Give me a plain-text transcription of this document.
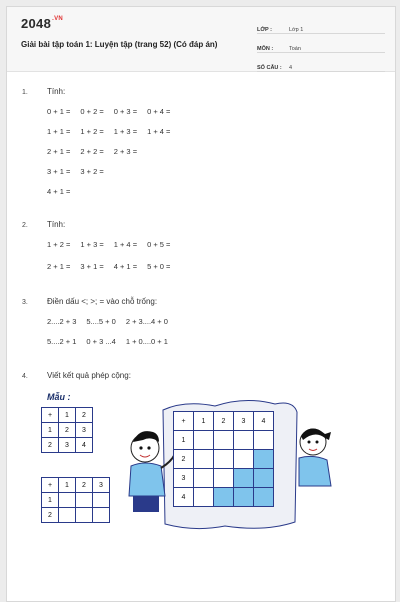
$2048^{.VN}$
Giải bài tập toán 1: Luyện tập (trang 52) (Có đáp án)
LỚP :	Lớp 1
MÔN :	Toán
SỐ CÂU :	4
1. Tính:
0 + 1 = 0 + 2 = 0 + 3 = 0 + 4 =
1 + 1 = 1 + 2 = 1 + 3 = 1 + 4 =
2 + 1 = 2 + 2 = 2 + 3 =
3 + 1 = 3 + 2 =
4 + 1 =
2. Tính:
1 + 2 = 1 + 3 = 1 + 4 = 0 + 5 =
2 + 1 = 3 + 1 = 4 + 1 = 5 + 0 =
3. Điền dấu <; >; = vào chỗ trống:
2....2 + 3 5....5 + 0 2 + 3....4 + 0
5....2 + 1 0 + 3 ...4 1 + 0....0 + 1
4. Viết kết quả phép cộng:
Mẫu :
+	1	2
1	2	3
2	3	4
+	1	2	3
1			
2			
+	1	2	3	4
1				
2				
3				
4				
